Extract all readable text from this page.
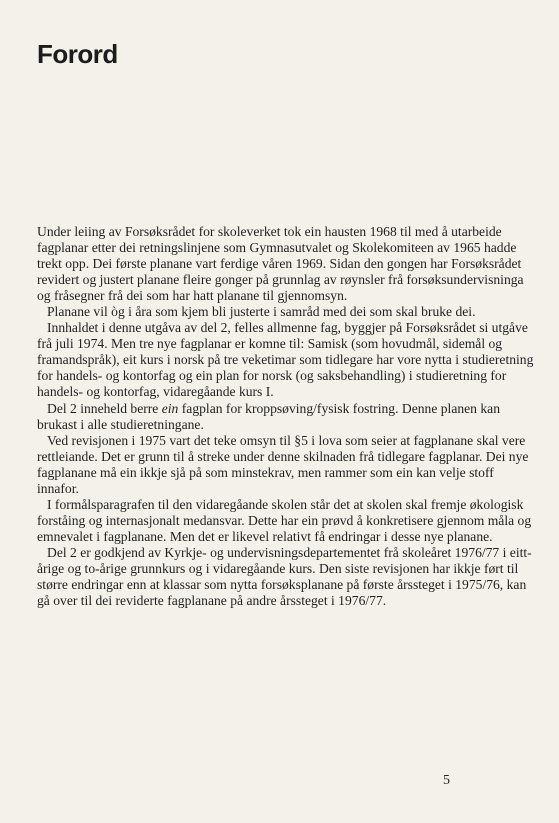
Forord

Under leiing av Forsøksrådet for skoleverket tok ein hausten 1968 til med å utarbeide fagplanar etter dei retningslinjene som Gymnasutvalet og Skolekomiteen av 1965 hadde trekt opp. Dei første planane vart ferdige våren 1969. Sidan den gongen har Forsøksrådet revidert og justert planane fleire gonger på grunnlag av røynsler frå forsøksundervisninga og fråsegner frå dei som har hatt planane til gjennomsyn.

Planane vil òg i åra som kjem bli justerte i samråd med dei som skal bruke dei.

Innhaldet i denne utgåva av del 2, felles allmenne fag, byggjer på Forsøksrådet si utgåve frå juli 1974. Men tre nye fagplanar er komne til: Samisk (som hovudmål, sidemål og framandspråk), eit kurs i norsk på tre veketimar som tidlegare har vore nytta i studieretning for handels- og kontorfag og ein plan for norsk (og saksbehandling) i studieretning for handels- og kontorfag, vidaregåande kurs I.

Del 2 inneheld berre ein fagplan for kroppsøving/fysisk fostring. Denne planen kan brukast i alle studieretningane.

Ved revisjonen i 1975 vart det teke omsyn til §5 i lova som seier at fagplanane skal vere rettleiande. Det er grunn til å streke under denne skilnaden frå tidlegare fagplanar. Dei nye fagplanane må ein ikkje sjå på som minstekrav, men rammer som ein kan velje stoff innafor.

I formålsparagrafen til den vidaregåande skolen står det at skolen skal fremje økologisk forståing og internasjonalt medansvar. Dette har ein prøvd å konkretisere gjennom måla og emnevalet i fagplanane. Men det er likevel relativt få endringar i desse nye planane.

Del 2 er godkjend av Kyrkje- og undervisningsdepartementet frå skoleåret 1976/77 i eitt-årige og to-årige grunnkurs og i vidaregåande kurs. Den siste revisjonen har ikkje ført til større endringar enn at klassar som nytta forsøksplanane på første årssteget i 1975/76, kan gå over til dei reviderte fagplanane på andre årssteget i 1976/77.

5
